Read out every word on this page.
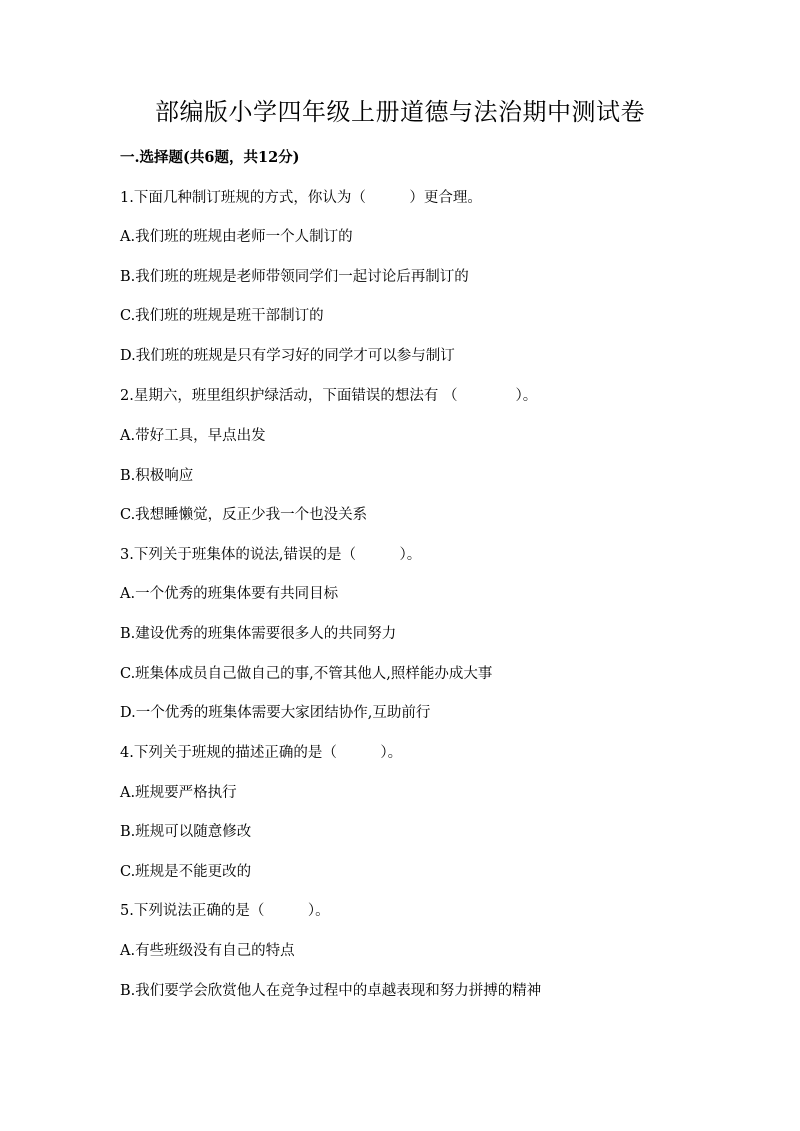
部编版小学四年级上册道德与法治期中测试卷

一.选择题(共6题，共12分)

1.下面几种制订班规的方式，你认为（　　　）更合理。

A.我们班的班规由老师一个人制订的

B.我们班的班规是老师带领同学们一起讨论后再制订的

C.我们班的班规是班干部制订的

D.我们班的班规是只有学习好的同学才可以参与制订

2.星期六，班里组织护绿活动，下面错误的想法有 （　　　　）。

A.带好工具，早点出发

B.积极响应

C.我想睡懒觉，反正少我一个也没关系

3.下列关于班集体的说法,错误的是（　　　）。

A.一个优秀的班集体要有共同目标

B.建设优秀的班集体需要很多人的共同努力

C.班集体成员自己做自己的事,不管其他人,照样能办成大事

D.一个优秀的班集体需要大家团结协作,互助前行

4.下列关于班规的描述正确的是（　　　）。

A.班规要严格执行

B.班规可以随意修改

C.班规是不能更改的

5.下列说法正确的是（　　　）。

A.有些班级没有自己的特点

B.我们要学会欣赏他人在竞争过程中的卓越表现和努力拼搏的精神
